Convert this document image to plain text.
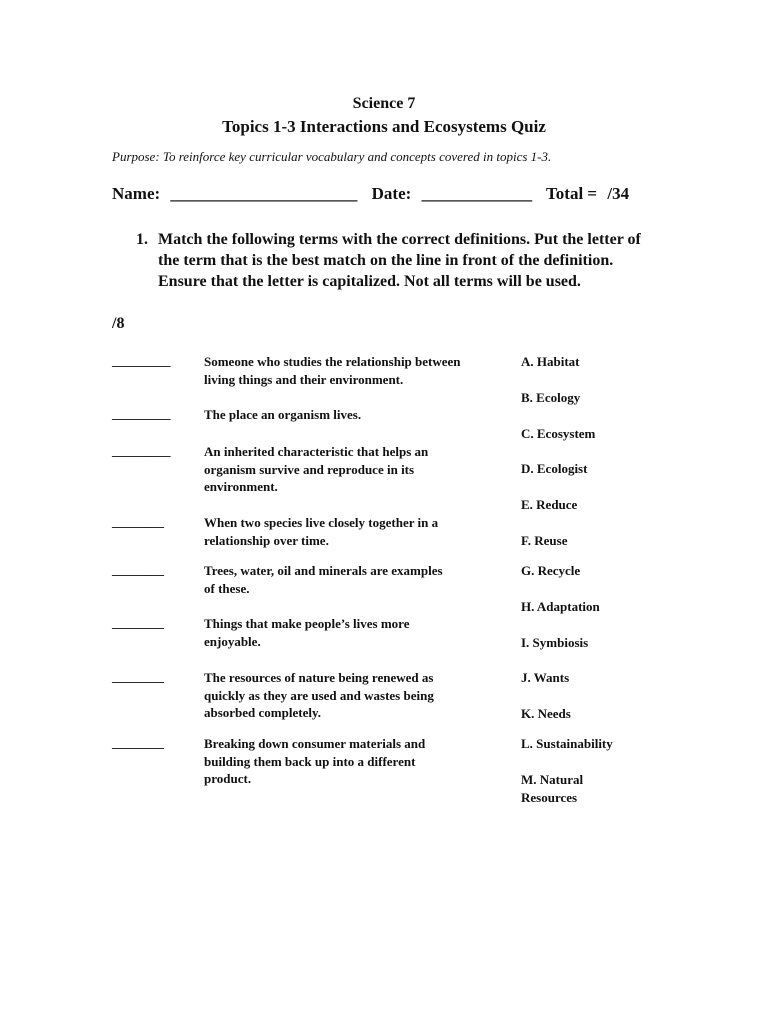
Science 7
Topics 1-3 Interactions and Ecosystems Quiz
Purpose: To reinforce key curricular vocabulary and concepts covered in topics 1-3.
Name: ______________________ Date: _____________ Total = /34
1. Match the following terms with the correct definitions. Put the letter of the term that is the best match on the line in front of the definition. Ensure that the letter is capitalized. Not all terms will be used.
/8
_________	Someone who studies the relationship between
living things and their environment.
_________	The place an organism lives.
_________	An inherited characteristic that helps an
organism survive and reproduce in its
environment.
________	When two species live closely together in a
relationship over time.
________	Trees, water, oil and minerals are examples
of these.
________	Things that make people’s lives more
enjoyable.
________	The resources of nature being renewed as
quickly as they are used and wastes being
absorbed completely.
________	Breaking down consumer materials and
building them back up into a different
product.
A. Habitat
B. Ecology
C. Ecosystem
D. Ecologist
E. Reduce
F. Reuse
G. Recycle
H. Adaptation
I. Symbiosis
J. Wants
K. Needs
L. Sustainability
M. Natural
Resources
